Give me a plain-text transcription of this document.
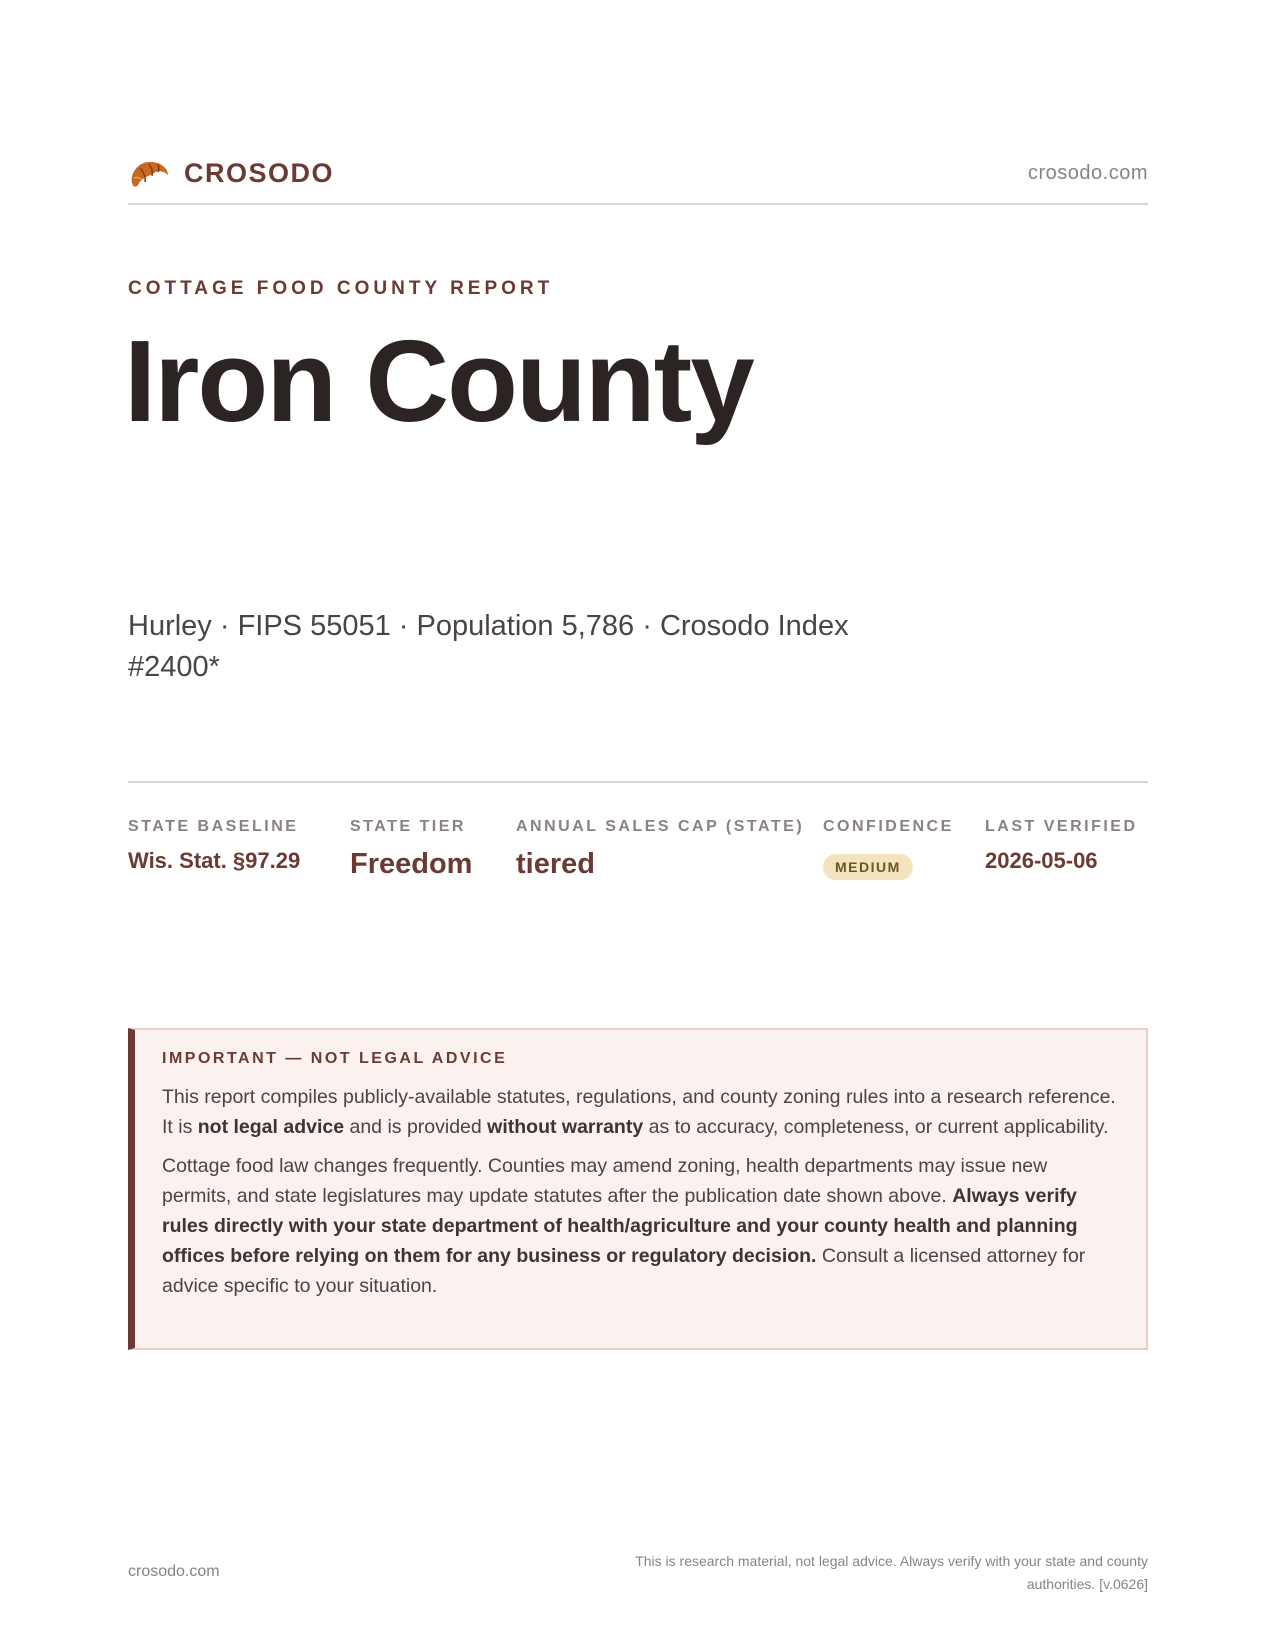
CROSODO	crosodo.com
COTTAGE FOOD COUNTY REPORT
Iron County
Hurley · FIPS 55051 · Population 5,786 · Crosodo Index #2400*
STATE BASELINE
Wis. Stat. §97.29
STATE TIER
Freedom
ANNUAL SALES CAP (STATE)
tiered
CONFIDENCE
MEDIUM
LAST VERIFIED
2026-05-06
IMPORTANT — NOT LEGAL ADVICE

This report compiles publicly-available statutes, regulations, and county zoning rules into a research reference. It is not legal advice and is provided without warranty as to accuracy, completeness, or current applicability.

Cottage food law changes frequently. Counties may amend zoning, health departments may issue new permits, and state legislatures may update statutes after the publication date shown above. Always verify rules directly with your state department of health/agriculture and your county health and planning offices before relying on them for any business or regulatory decision. Consult a licensed attorney for advice specific to your situation.

crosodo.com
This is research material, not legal advice. Always verify with your state and county authorities. [v.0626]
